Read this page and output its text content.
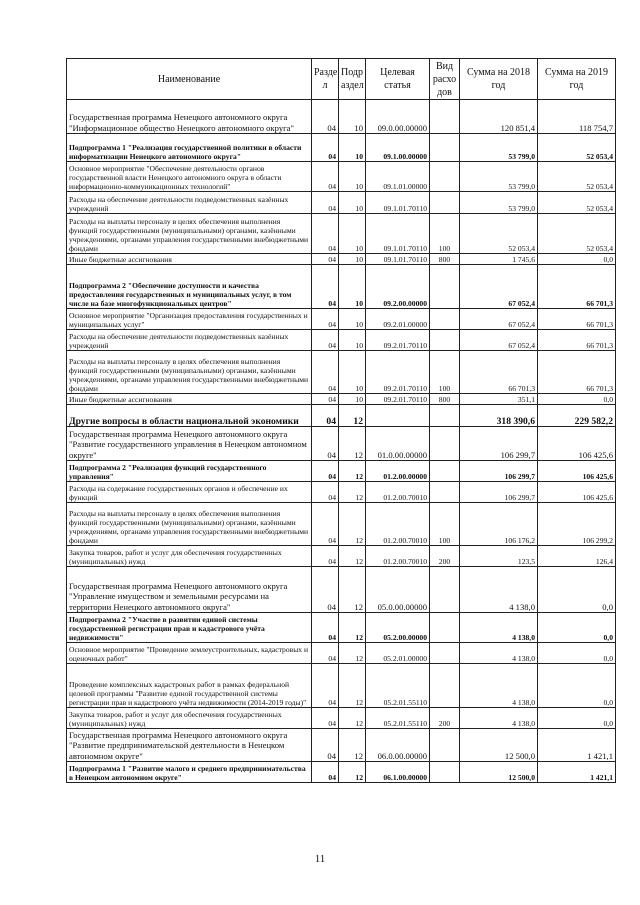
Наименование	Разде л	Подр аздел	Целевая статья	Вид расхо дов	Сумма на 2018 год	Сумма на 2019 год
Государственная программа Ненецкого автономного округа "Информационное общество Ненецкого автономного округа"	04	10	09.0.00.00000		120 851,4	118 754,7
Подпрограмма 1 "Реализация государственной политики в области информатизации Ненецкого автономного округа"	04	10	09.1.00.00000		53 799,0	52 053,4
Основное мероприятие "Обеспечение деятельности органов государственной власти Ненецкого автономного округа в области информационно-коммуникационных технологий"	04	10	09.1.01.00000		53 799,0	52 053,4
Расходы на обеспечение деятельности подведомственных казённых учреждений	04	10	09.1.01.70110		53 799,0	52 053,4
Расходы на выплаты персоналу в целях обеспечения выполнения функций государственными (муниципальными) органами, казёнными учреждениями, органами управления государственными внебюджетными фондами	04	10	09.1.01.70110	100	52 053,4	52 053,4
Иные бюджетные ассигнования	04	10	09.1.01.70110	800	1 745,6	0,0
Подпрограмма 2 "Обеспечение доступности и качества предоставления государственных и муниципальных услуг, в том числе на базе многофункциональных центров"	04	10	09.2.00.00000		67 052,4	66 701,3
Основное мероприятие "Организация предоставления государственных и муниципальных услуг"	04	10	09.2.01.00000		67 052,4	66 701,3
Расходы на обеспечение деятельности подведомственных казённых учреждений	04	10	09.2.01.70110		67 052,4	66 701,3
Расходы на выплаты персоналу в целях обеспечения выполнения функций государственными (муниципальными) органами, казёнными учреждениями, органами управления государственными внебюджетными фондами	04	10	09.2.01.70110	100	66 701,3	66 701,3
Иные бюджетные ассигнования	04	10	09.2.01.70110	800	351,1	0,0
Другие вопросы в области национальной экономики	04	12			318 390,6	229 582,2
Государственная программа Ненецкого автономного округа "Развитие государственного управления в Ненецком автономном округе"	04	12	01.0.00.00000		106 299,7	106 425,6
Подпрограмма 2 "Реализация функций государственного управления"	04	12	01.2.00.00000		106 299,7	106 425,6
Расходы на содержание государственных органов и обеспечение их функций	04	12	01.2.00.70010		106 299,7	106 425,6
Расходы на выплаты персоналу в целях обеспечения выполнения функций государственными (муниципальными) органами, казёнными учреждениями, органами управления государственными внебюджетными фондами	04	12	01.2.00.70010	100	106 176,2	106 299,2
Закупка товаров, работ и услуг для обеспечения государственных (муниципальных) нужд	04	12	01.2.00.70010	200	123,5	126,4
Государственная программа Ненецкого автономного округа "Управление имуществом и земельными ресурсами на территории Ненецкого автономного округа"	04	12	05.0.00.00000		4 138,0	0,0
Подпрограмма 2 "Участие в развитии единой системы государственной регистрации прав и кадастрового учёта недвижимости"	04	12	05.2.00.00000		4 138,0	0,0
Основное мероприятие "Проведение землеустроительных, кадастровых и оценочных работ"	04	12	05.2.01.00000		4 138,0	0,0
Проведение комплексных кадастровых работ в рамках федеральной целевой программы "Развитие единой государственной системы регистрации прав и кадастрового учёта недвижимости (2014-2019 годы)"	04	12	05.2.01.55110		4 138,0	0,0
Закупка товаров, работ и услуг для обеспечения государственных (муниципальных) нужд	04	12	05.2.01.55110	200	4 138,0	0,0
Государственная программа Ненецкого автономного округа "Развитие предпринимательской деятельности в Ненецком автономном округе"	04	12	06.0.00.00000		12 500,0	1 421,1
Подпрограмма 1 "Развитие малого и среднего предпринимательства в Ненецком автономном округе"	04	12	06.1.00.00000		12 500,0	1 421,1
11
